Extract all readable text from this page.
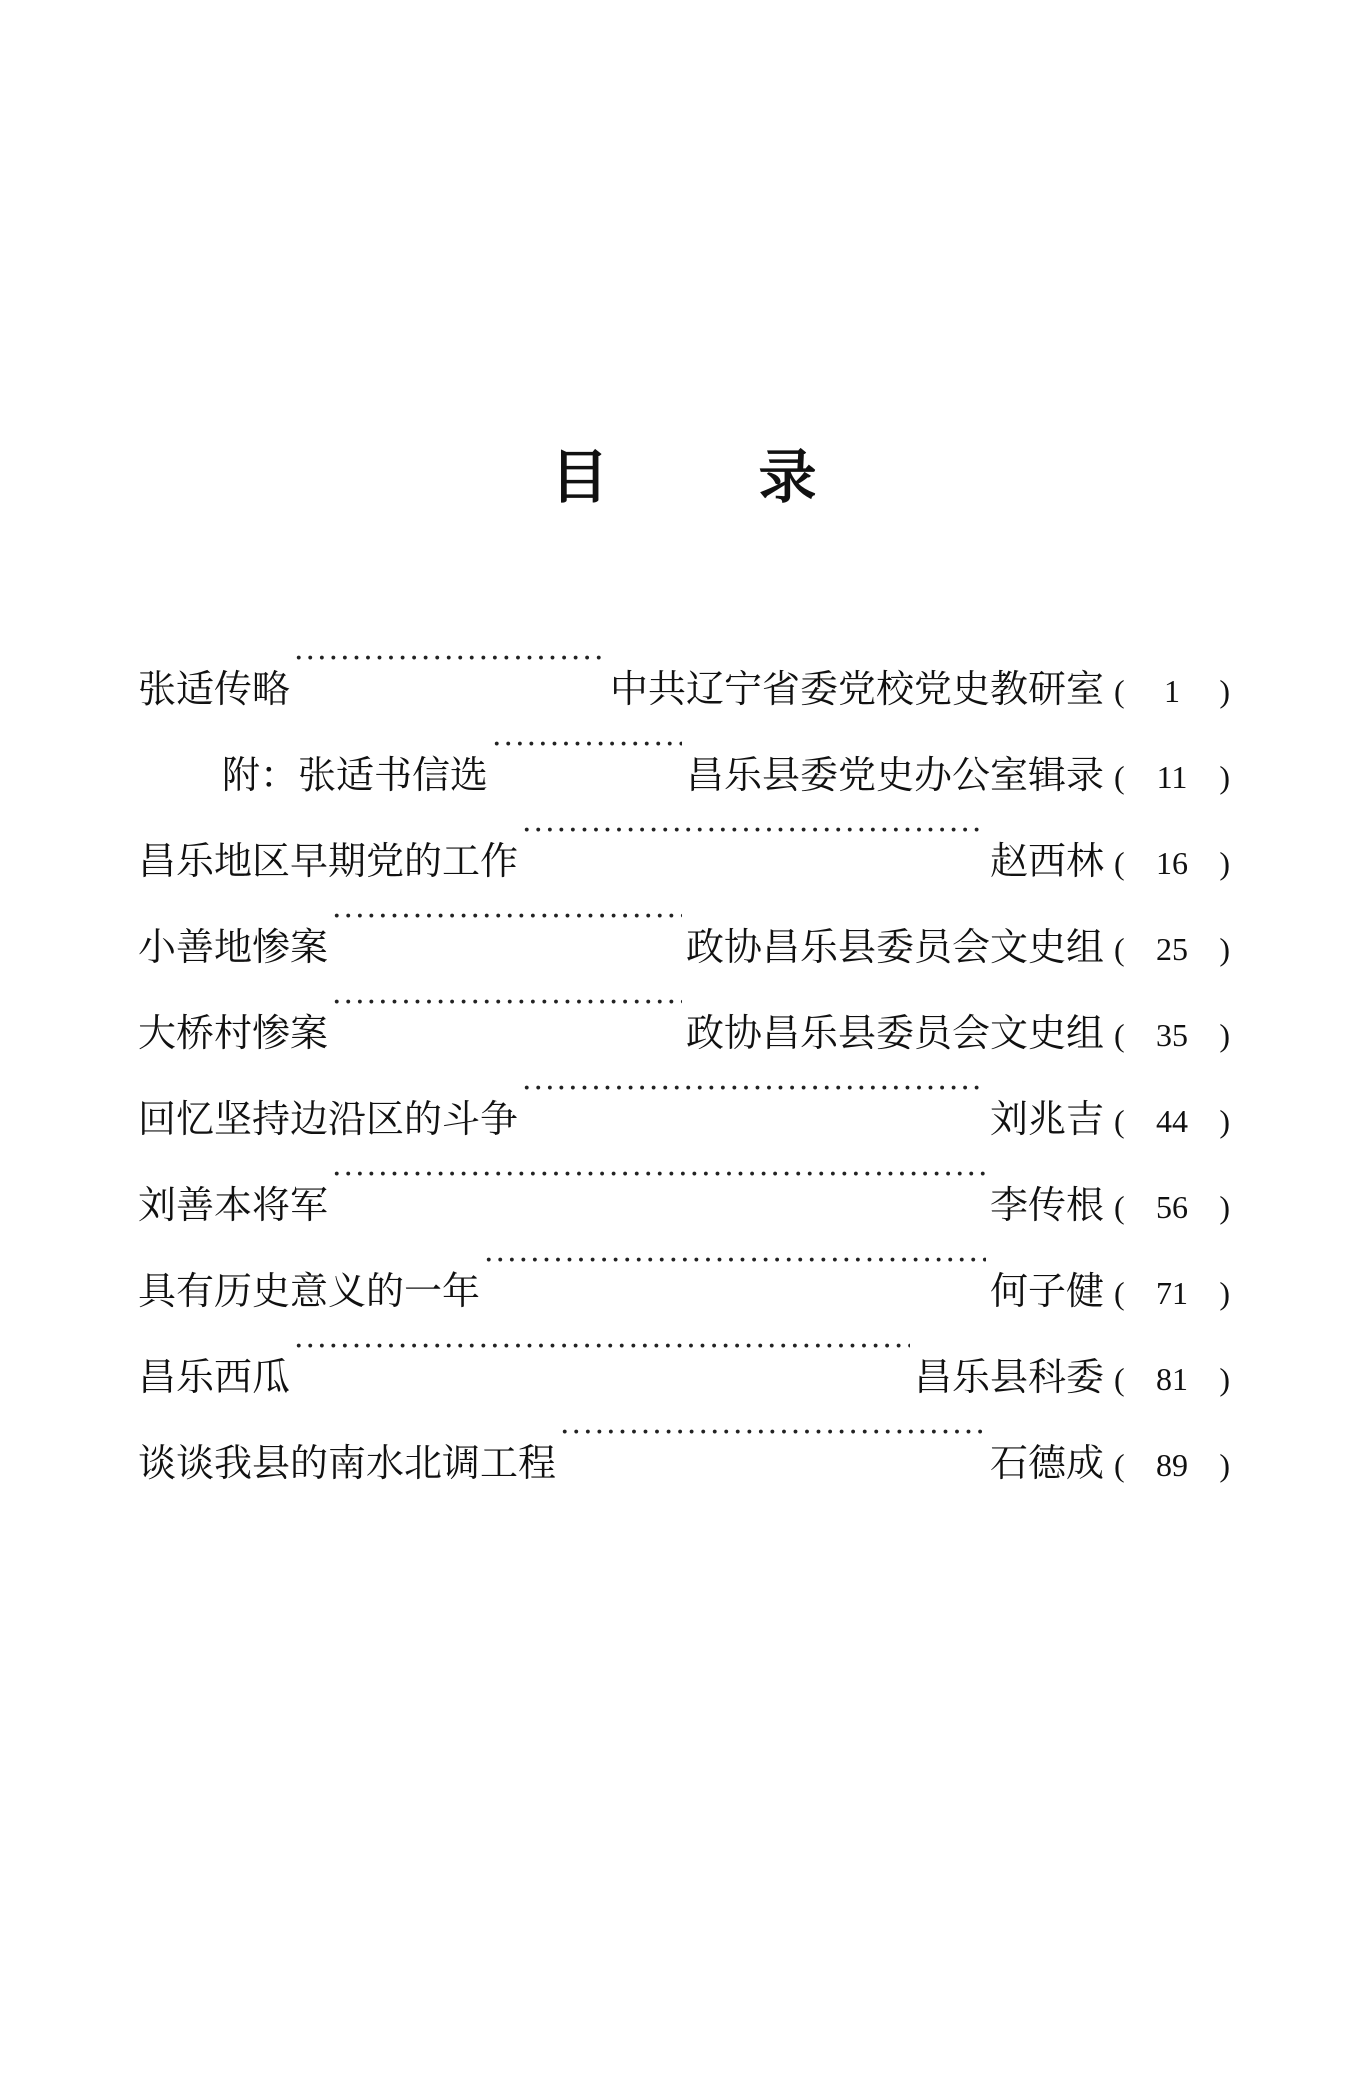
目	录
张适传略 ·····	中共辽宁省委党校党史教研室 ( 1 )
附：张适书信选 ·····	昌乐县委党史办公室辑录 ( 11 )
昌乐地区早期党的工作 ·····	赵西林 ( 16 )
小善地惨案 ·····	政协昌乐县委员会文史组 ( 25 )
大桥村惨案 ·····	政协昌乐县委员会文史组 ( 35 )
回忆坚持边沿区的斗争 ·····	刘兆吉 ( 44 )
刘善本将军 ·····	李传根 ( 56 )
具有历史意义的一年 ·····	何子健 ( 71 )
昌乐西瓜 ·····	昌乐县科委 ( 81 )
谈谈我县的南水北调工程 ·····	石德成 ( 89 )
